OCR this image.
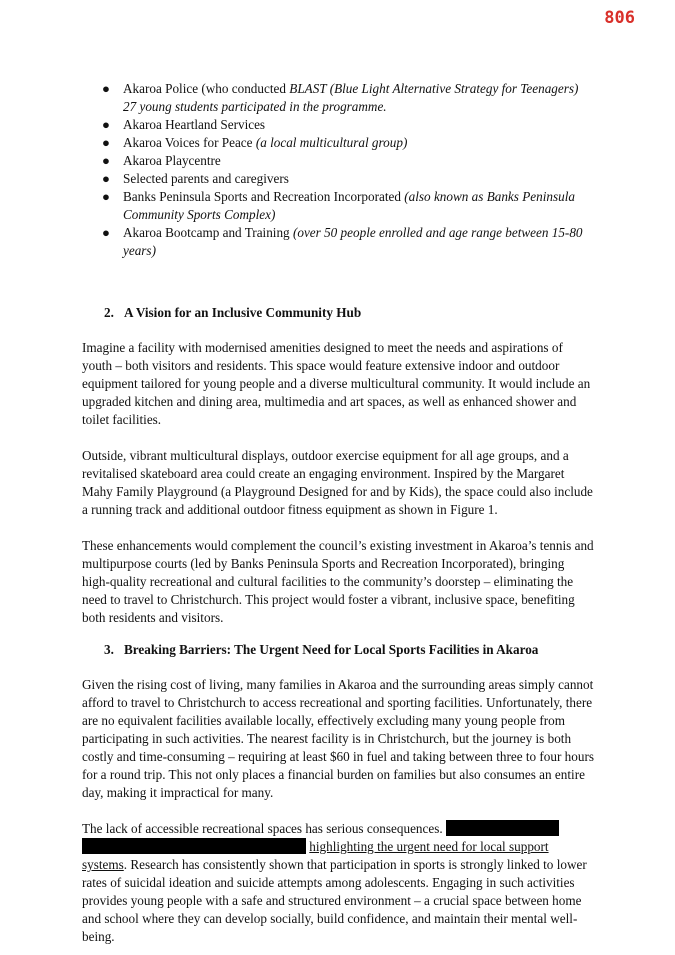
806
● Akaroa Police (who conducted BLAST (Blue Light Alternative Strategy for Teenagers) 27 young students participated in the programme.
● Akaroa Heartland Services
● Akaroa Voices for Peace (a local multicultural group)
● Akaroa Playcentre
● Selected parents and caregivers
● Banks Peninsula Sports and Recreation Incorporated (also known as Banks Peninsula Community Sports Complex)
● Akaroa Bootcamp and Training (over 50 people enrolled and age range between 15-80 years)
2. A Vision for an Inclusive Community Hub

Imagine a facility with modernised amenities designed to meet the needs and aspirations of youth – both visitors and residents. This space would feature extensive indoor and outdoor equipment tailored for young people and a diverse multicultural community. It would include an upgraded kitchen and dining area, multimedia and art spaces, as well as enhanced shower and toilet facilities.

Outside, vibrant multicultural displays, outdoor exercise equipment for all age groups, and a revitalised skateboard area could create an engaging environment. Inspired by the Margaret Mahy Family Playground (a Playground Designed for and by Kids), the space could also include a running track and additional outdoor fitness equipment as shown in Figure 1.

These enhancements would complement the council’s existing investment in Akaroa’s tennis and multipurpose courts (led by Banks Peninsula Sports and Recreation Incorporated), bringing high-quality recreational and cultural facilities to the community’s doorstep – eliminating the need to travel to Christchurch. This project would foster a vibrant, inclusive space, benefiting both residents and visitors.

3. Breaking Barriers: The Urgent Need for Local Sports Facilities in Akaroa

Given the rising cost of living, many families in Akaroa and the surrounding areas simply cannot afford to travel to Christchurch to access recreational and sporting facilities. Unfortunately, there are no equivalent facilities available locally, effectively excluding many young people from participating in such activities. The nearest facility is in Christchurch, but the journey is both costly and time-consuming – requiring at least $60 in fuel and taking between three to four hours for a round trip. This not only places a financial burden on families but also consumes an entire day, making it impractical for many.

The lack of accessible recreational spaces has serious consequences.   highlighting the urgent need for local support systems. Research has consistently shown that participation in sports is strongly linked to lower rates of suicidal ideation and suicide attempts among adolescents. Engaging in such activities provides young people with a safe and structured environment – a crucial space between home and school where they can develop socially, build confidence, and maintain their mental well-being.
